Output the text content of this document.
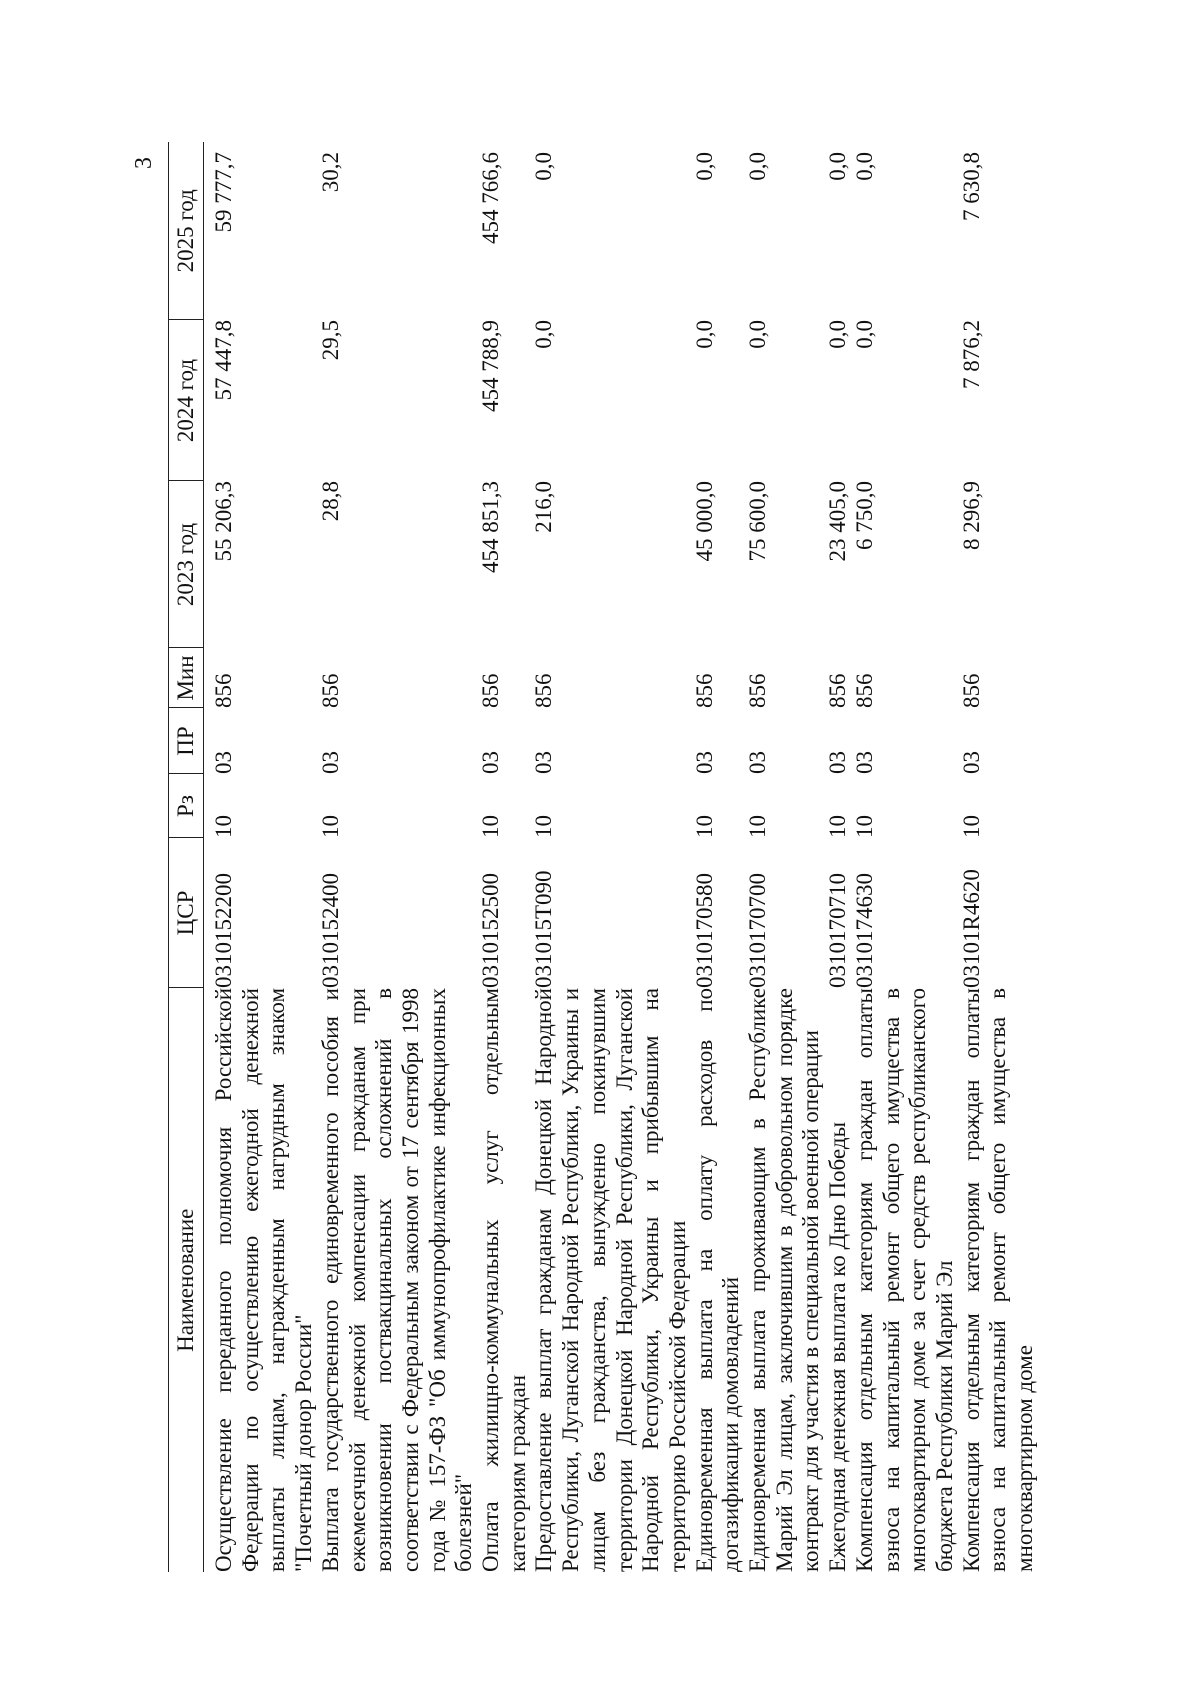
3
Наименование	ЦСР	Рз	ПР	Мин	2023 год	2024 год	2025 год

Осуществление переданного полномочия Российской Федерации по осуществлению ежегодной денежной выплаты лицам, награжденным нагрудным знаком "Почетный донор России"	0310152200	10	03	856	55 206,3	57 447,8	59 777,7

Выплата государственного единовременного пособия и ежемесячной денежной компенсации гражданам при возникновении поствакцинальных осложнений в соответствии с Федеральным законом от 17 сентября 1998 года № 157-ФЗ "Об иммунопрофилактике инфекционных болезней"	0310152400	10	03	856	28,8	29,5	30,2

Оплата жилищно-коммунальных услуг отдельным категориям граждан	0310152500	10	03	856	454 851,3	454 788,9	454 766,6

Предоставление выплат гражданам Донецкой Народной Республики, Луганской Народной Республики, Украины и лицам без гражданства, вынужденно покинувшим территории Донецкой Народной Республики, Луганской Народной Республики, Украины и прибывшим на территорию Российской Федерации	031015Т090	10	03	856	216,0	0,0	0,0

Единовременная выплата на оплату расходов по догазификации домовладений	0310170580	10	03	856	45 000,0	0,0	0,0

Единовременная выплата проживающим в Республике Марий Эл лицам, заключившим в добровольном порядке контракт для участия в специальной военной операции	0310170700	10	03	856	75 600,0	0,0	0,0

Ежегодная денежная выплата ко Дню Победы	0310170710	10	03	856	23 405,0	0,0	0,0

Компенсация отдельным категориям граждан оплаты взноса на капитальный ремонт общего имущества в многоквартирном доме за счет средств республиканского бюджета Республики Марий Эл	0310174630	10	03	856	6 750,0	0,0	0,0

Компенсация отдельным категориям граждан оплаты взноса на капитальный ремонт общего имущества в многоквартирном доме	03101R4620	10	03	856	8 296,9	7 876,2	7 630,8
